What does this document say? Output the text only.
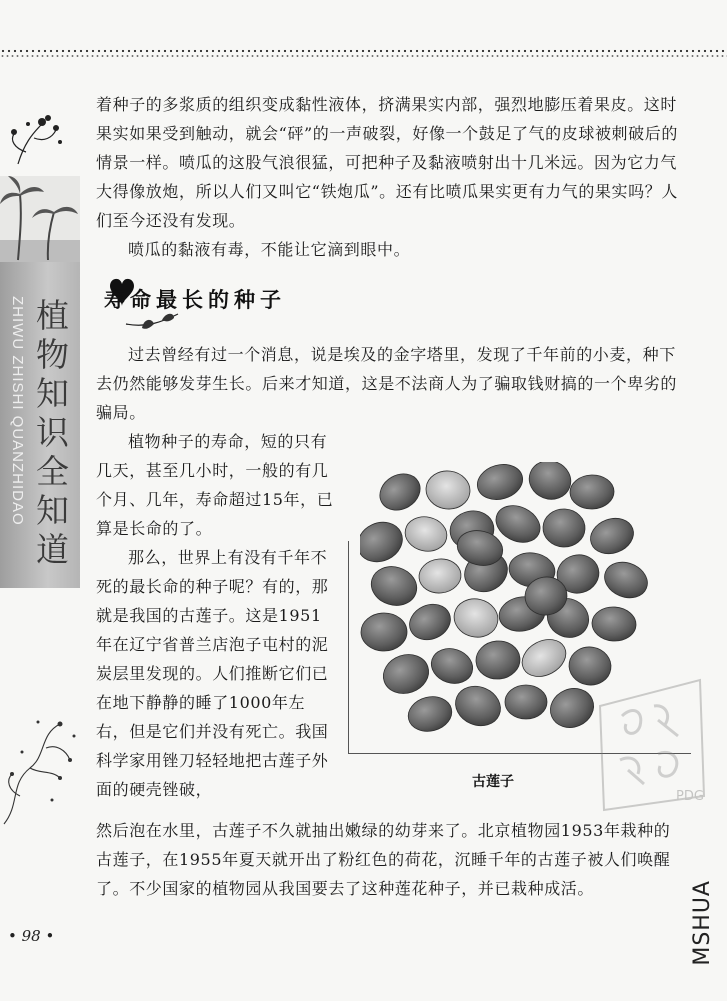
ZHIWU ZHISHI QUANZHIDAO 植物知识全知道

着种子的多浆质的组织变成黏性液体，挤满果实内部，强烈地膨压着果皮。这时果实如果受到触动，就会“砰”的一声破裂，好像一个鼓足了气的皮球被刺破后的情景一样。喷瓜的这股气浪很猛，可把种子及黏液喷射出十几米远。因为它力气大得像放炮，所以人们又叫它“铁炮瓜”。还有比喷瓜果实更有力气的果实吗？人们至今还没有发现。

喷瓜的黏液有毒，不能让它滴到眼中。

寿命最长的种子

过去曾经有过一个消息，说是埃及的金字塔里，发现了千年前的小麦，种下去仍然能够发芽生长。后来才知道，这是不法商人为了骗取钱财搞的一个卑劣的骗局。

植物种子的寿命，短的只有几天，甚至几小时，一般的有几个月、几年，寿命超过15年，已算是长命的了。

那么，世界上有没有千年不死的最长命的种子呢？有的，那就是我国的古莲子。这是1951年在辽宁省普兰店泡子屯村的泥炭层里发现的。人们推断它们已在地下静静的睡了1000年左右，但是它们并没有死亡。我国科学家用锉刀轻轻地把古莲子外面的硬壳锉破，	古莲子

然后泡在水里，古莲子不久就抽出嫩绿的幼芽来了。北京植物园1953年栽种的古莲子，在1955年夏天就开出了粉红色的荷花，沉睡千年的古莲子被人们唤醒了。不少国家的植物园从我国要去了这种莲花种子，并已栽种成活。

PDG
• 98 •	MSHUA
